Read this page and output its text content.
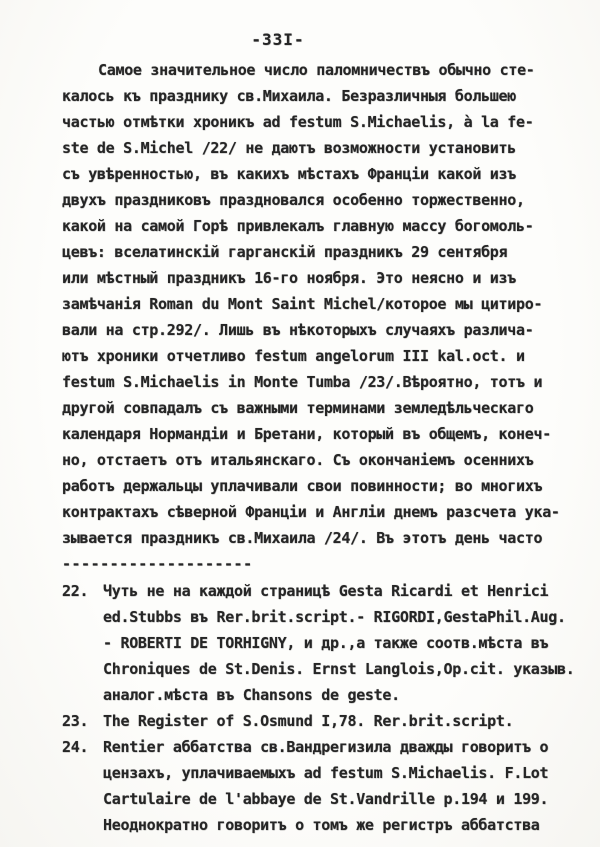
-33I-
Самое значительное число паломничествъ обычно сте-
калось къ празднику св.Михаила. Безразличныя большею
частью отмѣтки хроникъ ad festum S.Michaelis, à la fe-
ste de S.Michel /22/ не даютъ возможности установить
съ увѣренностью, въ какихъ мѣстахъ Франціи какой изъ
двухъ праздниковъ праздновался особенно торжественно,
какой на самой Горѣ привлекалъ главную массу богомоль-
цевъ: вселатинскій гарганскій праздникъ 29 сентября
или мѣстный праздникъ 16-го ноября. Это неясно и изъ
замѣчанія Roman du Mont Saint Michel/которое мы цитиро-
вали на стр.292/. Лишь въ нѣкоторыхъ случаяхъ различа-
ютъ хроники отчетливо festum angelorum III kal.oct. и
festum S.Michaelis in Monte Tumba /23/.Вѣроятно, тотъ и
другой совпадалъ съ важными терминами земледѣльческаго
календаря Нормандіи и Бретани, который въ общемъ, конеч-
но, отстаетъ отъ итальянскаго. Съ окончаніемъ осеннихъ
работъ держальцы уплачивали свои повинности; во многихъ
контрактахъ сѣверной Франціи и Англіи днемъ разсчета ука-
зывается праздникъ св.Михаила /24/. Въ этотъ день часто
--------------------
22. Чуть не на каждой страницѣ Gesta Ricardi et Henrici
ed.Stubbs въ Rer.brit.script.- RIGORDI,GestaPhil.Aug.
- ROBERTI DE TORHIGNY, и др.,а также соотв.мѣста въ
Chroniques de St.Denis. Ernst Langlois,Op.cit. указыв.
аналог.мѣста въ Chansons de geste.
23. The Register of S.Osmund I,78. Rer.brit.script.
24. Rentier аббатства св.Вандрегизила дважды говоритъ о
цензахъ, уплачиваемыхъ ad festum S.Michaelis. F.Lot
Cartulaire de l'abbaye de St.Vandrille p.194 и 199.
Неоднократно говоритъ о томъ же регистръ аббатства
